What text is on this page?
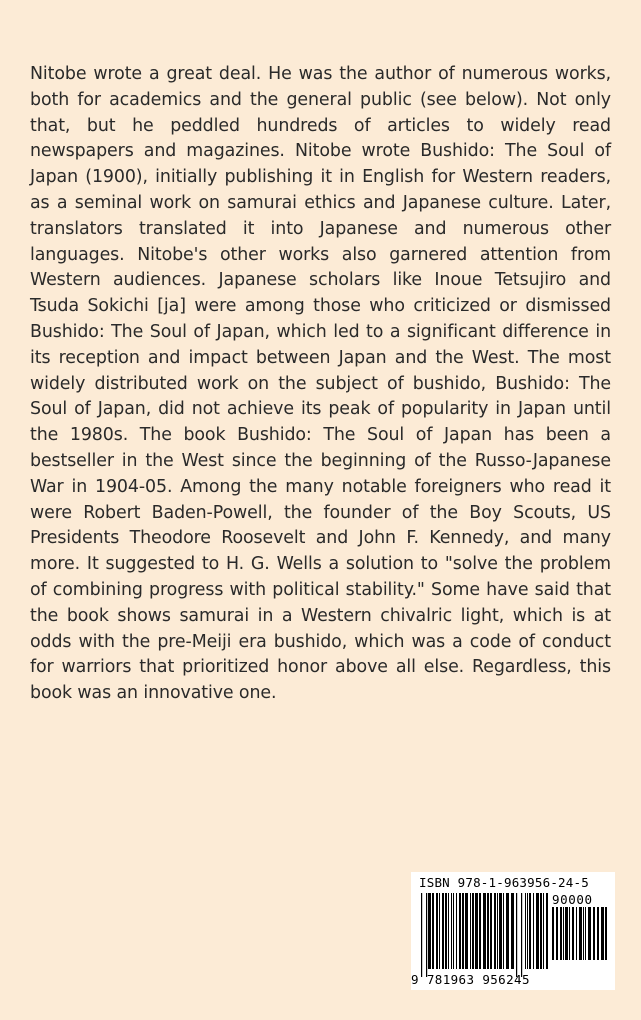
Nitobe wrote a great deal. He was the author of numerous works, both for academics and the general public (see below). Not only that, but he peddled hundreds of articles to widely read newspapers and magazines. Nitobe wrote Bushido: The Soul of Japan (1900), initially publishing it in English for Western readers, as a seminal work on samurai ethics and Japanese culture. Later, translators translated it into Japanese and numerous other languages. Nitobe's other works also garnered attention from Western audiences. Japanese scholars like Inoue Tetsujiro and Tsuda Sokichi [ja] were among those who criticized or dismissed Bushido: The Soul of Japan, which led to a significant difference in its reception and impact between Japan and the West. The most widely distributed work on the subject of bushido, Bushido: The Soul of Japan, did not achieve its peak of popularity in Japan until the 1980s. The book Bushido: The Soul of Japan has been a bestseller in the West since the beginning of the Russo-Japanese War in 1904-05. Among the many notable foreigners who read it were Robert Baden-Powell, the founder of the Boy Scouts, US Presidents Theodore Roosevelt and John F. Kennedy, and many more. It suggested to H. G. Wells a solution to "solve the problem of combining progress with political stability." Some have said that the book shows samurai in a Western chivalric light, which is at odds with the pre-Meiji era bushido, which was a code of conduct for warriors that prioritized honor above all else. Regardless, this book was an innovative one.
ISBN 978-1-963956-24-5
90000
9 781963 956245
